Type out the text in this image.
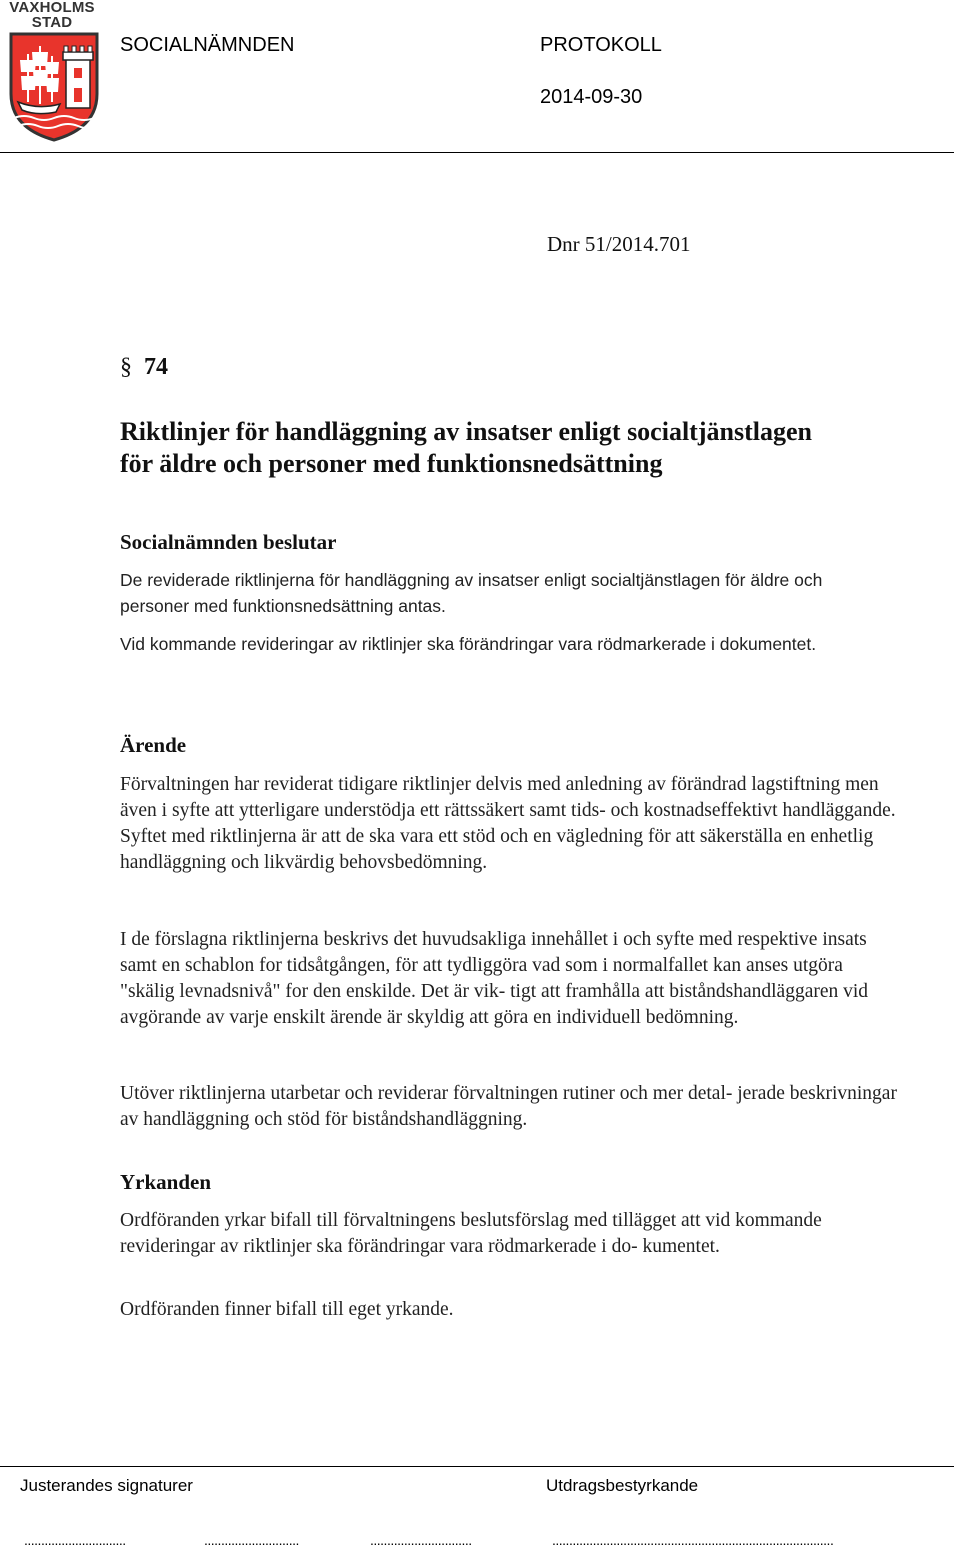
VAXHOLMS
STAD
SOCIALNÄMNDEN	PROTOKOLL
2014-09-30
Dnr 51/2014.701
§ 74
Riktlinjer för handläggning av insatser enligt socialtjänstlagen
för äldre och personer med funktionsnedsättning
Socialnämnden beslutar

De reviderade riktlinjerna för handläggning av insatser enligt socialtjänstlagen för äldre och personer med funktionsnedsättning antas.

Vid kommande revideringar av riktlinjer ska förändringar vara rödmarkerade i dokumentet.

Ärende

Förvaltningen har reviderat tidigare riktlinjer delvis med anledning av förändrad lagstiftning men även i syfte att ytterligare understödja ett rättssäkert samt tids- och kostnadseffektivt handläggande. Syftet med riktlinjerna är att de ska vara ett stöd och en vägledning för att säkerställa en enhetlig handläggning och likvärdig behovsbedömning.

I de förslagna riktlinjerna beskrivs det huvudsakliga innehållet i och syfte med respektive insats samt en schablon for tidsåtgången, för att tydliggöra vad som i normalfallet kan anses utgöra "skälig levnadsnivå" for den enskilde. Det är vik- tigt att framhålla att biståndshandläggaren vid avgörande av varje enskilt ärende är skyldig att göra en individuell bedömning.

Utöver riktlinjerna utarbetar och reviderar förvaltningen rutiner och mer detal- jerade beskrivningar av handläggning och stöd för biståndshandläggning.

Yrkanden

Ordföranden yrkar bifall till förvaltningens beslutsförslag med tillägget att vid kommande revideringar av riktlinjer ska förändringar vara rödmarkerade i do- kumentet.

Ordföranden finner bifall till eget yrkande.

Justerandes signaturer	Utdragsbestyrkande
..............................	............................	..............................	...................................................................................
